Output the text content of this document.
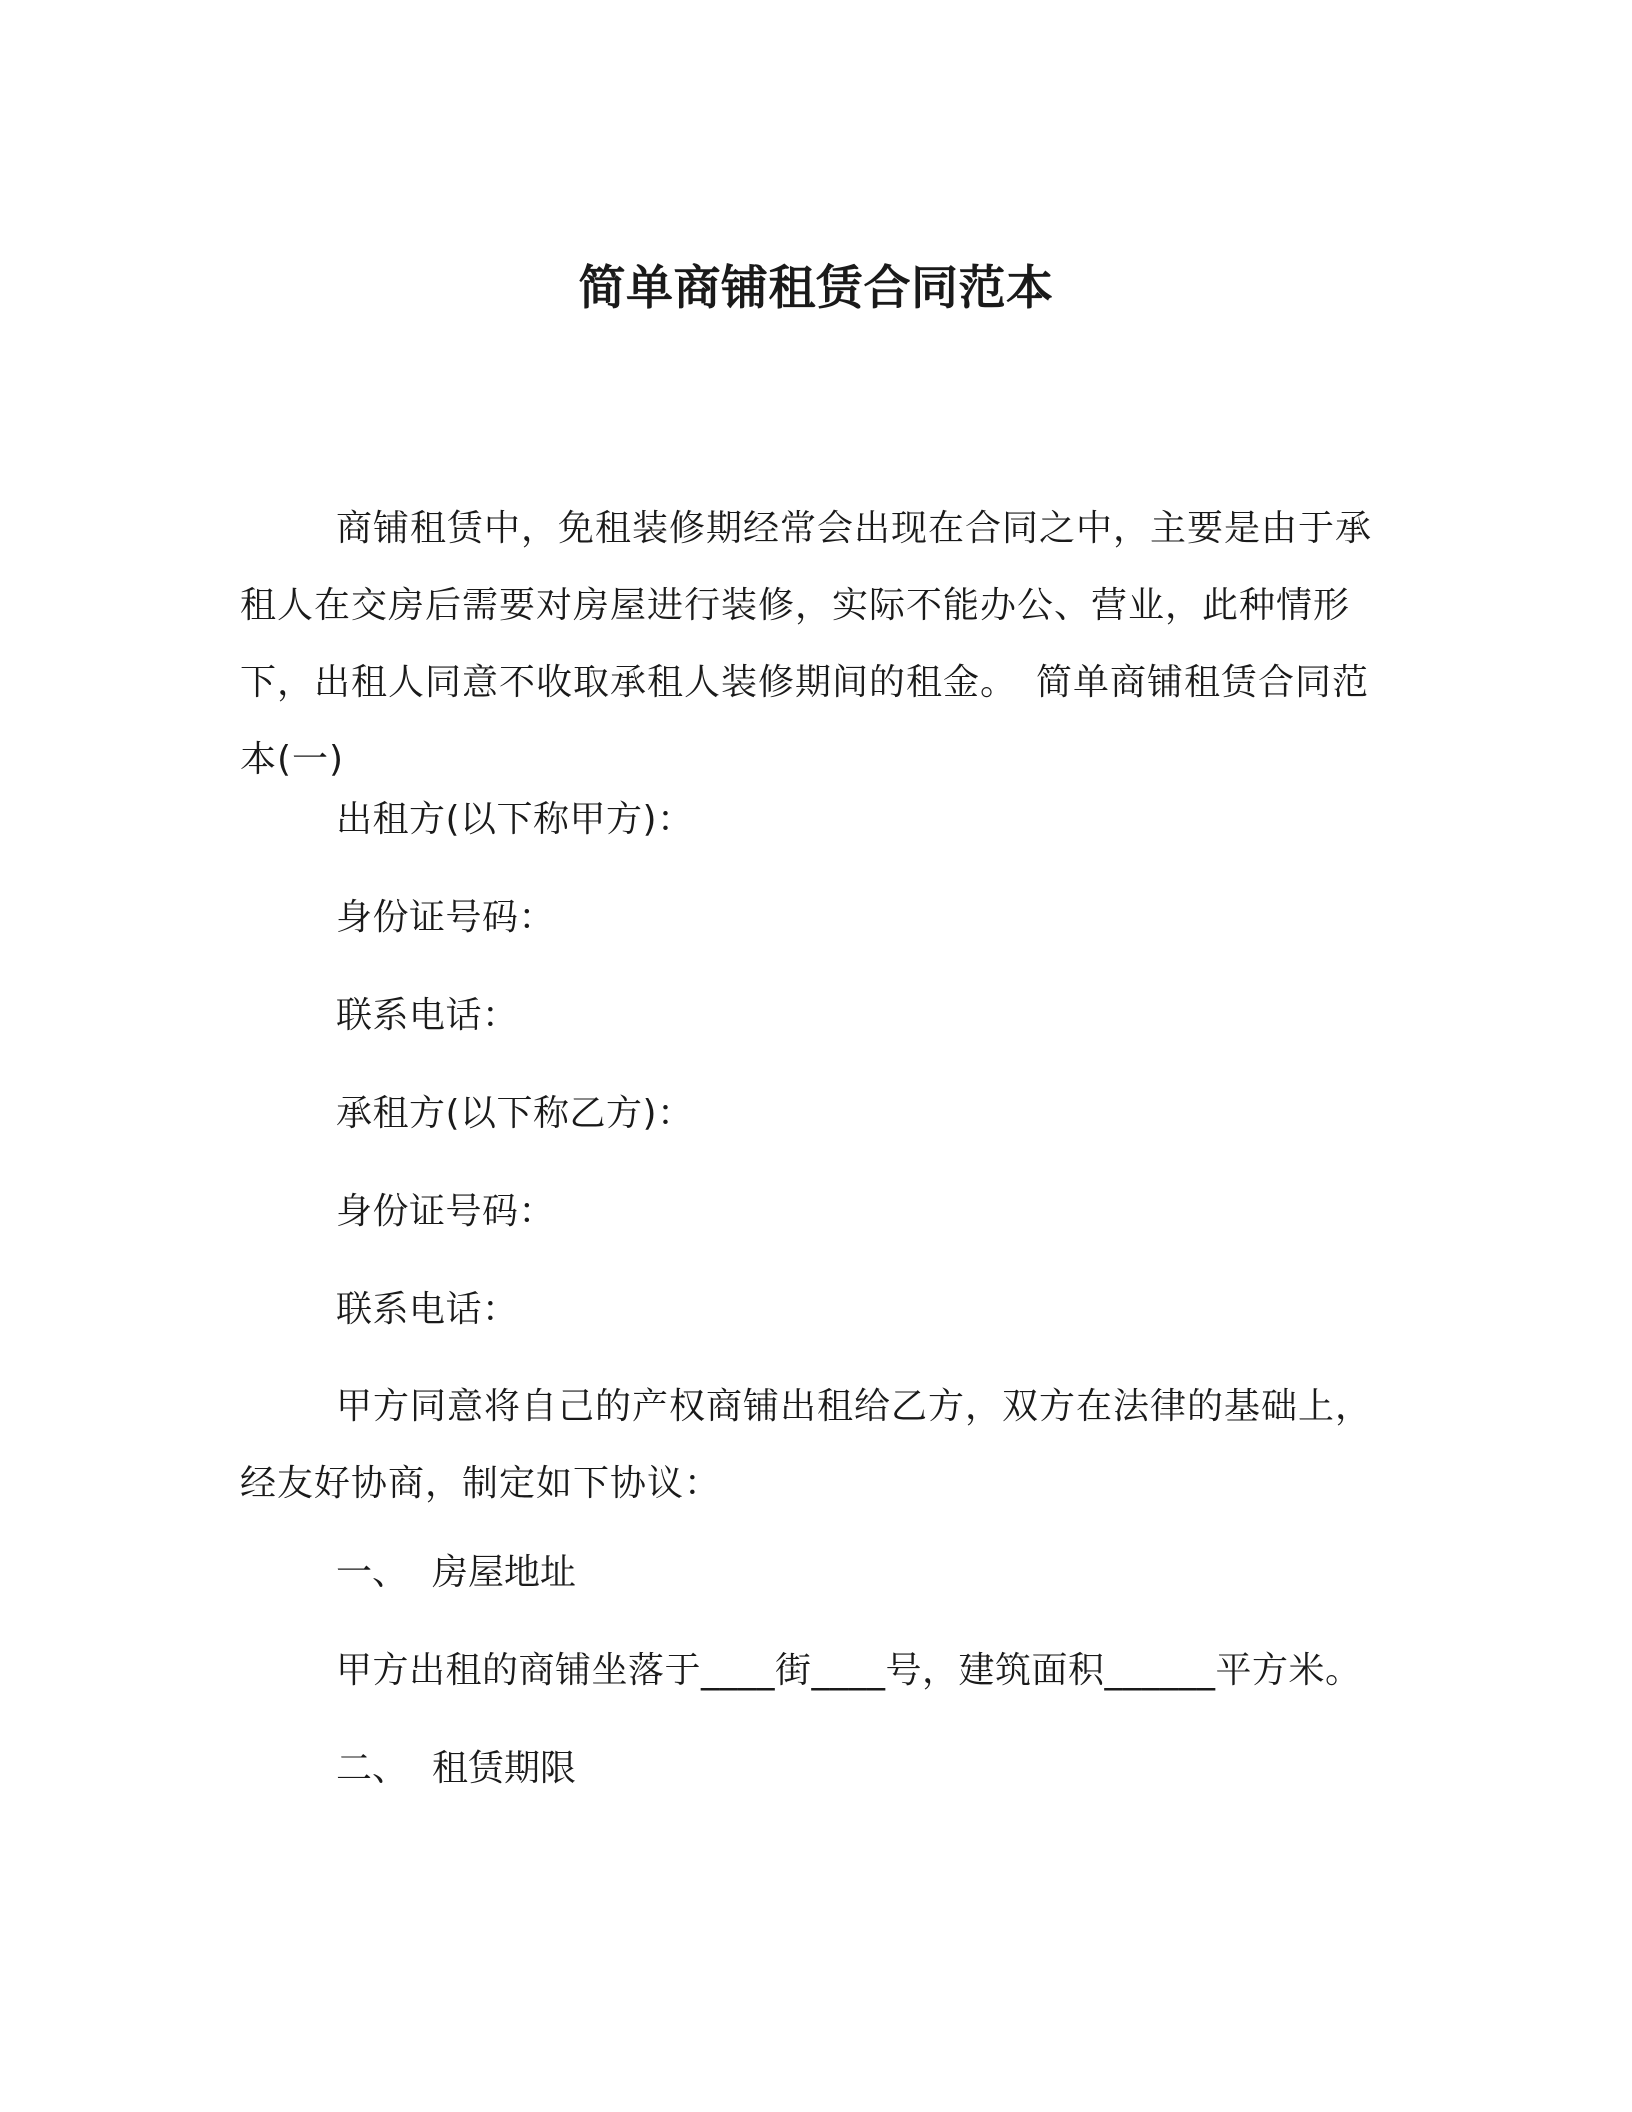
简单商铺租赁合同范本

商铺租赁中，免租装修期经常会出现在合同之中，主要是由于承租人在交房后需要对房屋进行装修，实际不能办公、营业，此种情形下，出租人同意不收取承租人装修期间的租金。　简单商铺租赁合同范本(一)

出租方(以下称甲方)：

身份证号码：

联系电话：

承租方(以下称乙方)：

身份证号码：

联系电话：

甲方同意将自己的产权商铺出租给乙方，双方在法律的基础上，经友好协商，制定如下协议：

一、 房屋地址

甲方出租的商铺坐落于____街____号，建筑面积______平方米。

二、 租赁期限
